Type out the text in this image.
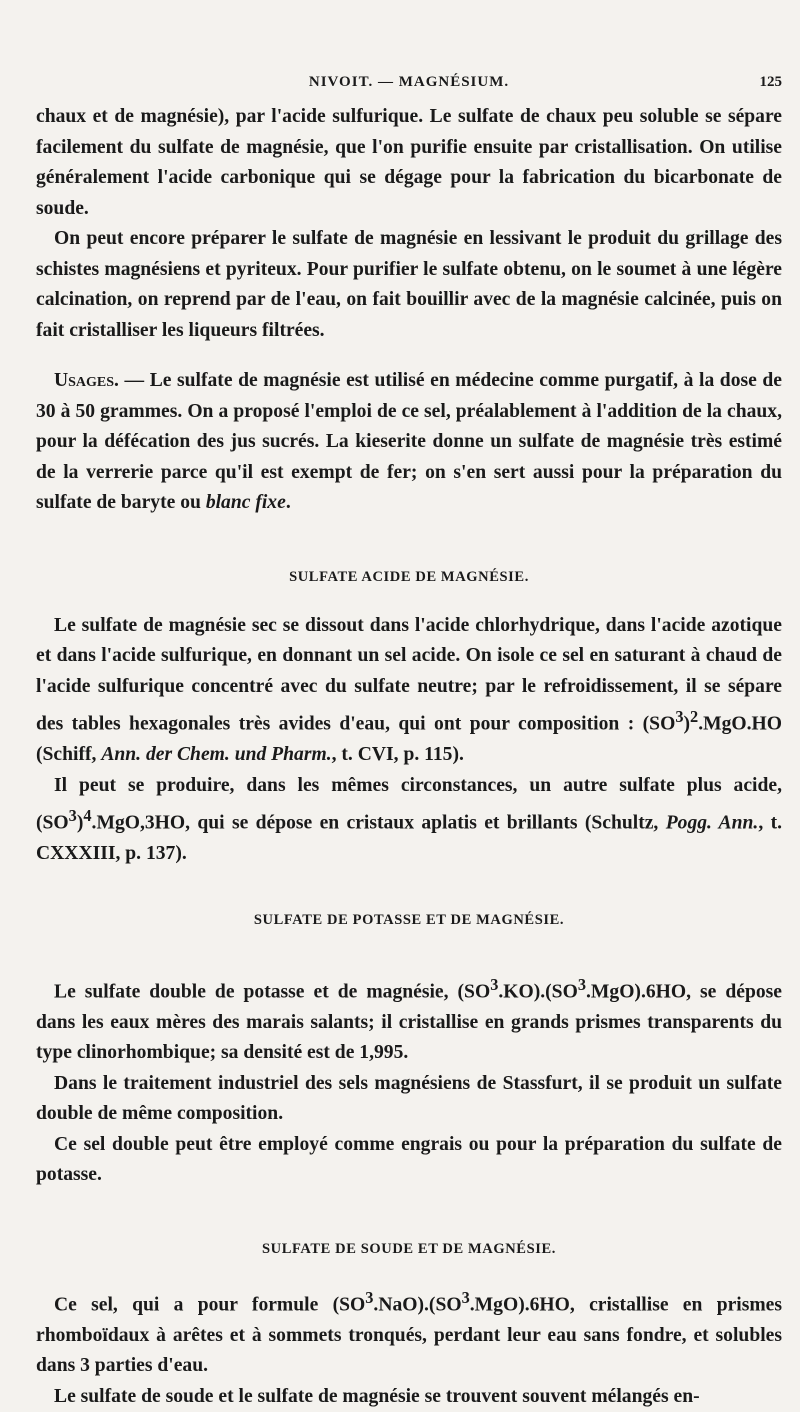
NIVOIT. — MAGNÉSIUM.	125

chaux et de magnésie), par l'acide sulfurique. Le sulfate de chaux peu soluble se sépare facilement du sulfate de magnésie, que l'on purifie ensuite par cristallisation. On utilise généralement l'acide carbonique qui se dégage pour la fabrication du bicarbonate de soude.

On peut encore préparer le sulfate de magnésie en lessivant le produit du grillage des schistes magnésiens et pyriteux. Pour purifier le sulfate obtenu, on le soumet à une légère calcination, on reprend par de l'eau, on fait bouillir avec de la magnésie calcinée, puis on fait cristalliser les liqueurs filtrées.

Usages. — Le sulfate de magnésie est utilisé en médecine comme purgatif, à la dose de 30 à 50 grammes. On a proposé l'emploi de ce sel, préalablement à l'addition de la chaux, pour la défécation des jus sucrés. La kieserite donne un sulfate de magnésie très estimé de la verrerie parce qu'il est exempt de fer; on s'en sert aussi pour la préparation du sulfate de baryte ou blanc fixe.

SULFATE ACIDE DE MAGNÉSIE.

Le sulfate de magnésie sec se dissout dans l'acide chlorhydrique, dans l'acide azotique et dans l'acide sulfurique, en donnant un sel acide. On isole ce sel en saturant à chaud de l'acide sulfurique concentré avec du sulfate neutre; par le refroidissement, il se sépare des tables hexagonales très avides d'eau, qui ont pour composition : $(SO^3)^2.MgO.HO$ (Schiff, Ann. der Chem. und Pharm., t. CVI, p. 115).

Il peut se produire, dans les mêmes circonstances, un autre sulfate plus acide, $(SO^3)^4.MgO,3HO$, qui se dépose en cristaux aplatis et brillants (Schultz, Pogg. Ann., t. CXXXIII, p. 137).

SULFATE DE POTASSE ET DE MAGNÉSIE.

Le sulfate double de potasse et de magnésie, $(SO^3.KO).(SO^3.MgO).6HO$, se dépose dans les eaux mères des marais salants; il cristallise en grands prismes transparents du type clinorhombique; sa densité est de 1,995.

Dans le traitement industriel des sels magnésiens de Stassfurt, il se produit un sulfate double de même composition.

Ce sel double peut être employé comme engrais ou pour la préparation du sulfate de potasse.

SULFATE DE SOUDE ET DE MAGNÉSIE.

Ce sel, qui a pour formule $(SO^3.NaO).(SO^3.MgO).6HO$, cristallise en prismes rhomboïdaux à arêtes et à sommets tronqués, perdant leur eau sans fondre, et solubles dans 3 parties d'eau.

Le sulfate de soude et le sulfate de magnésie se trouvent souvent mélangés en-
